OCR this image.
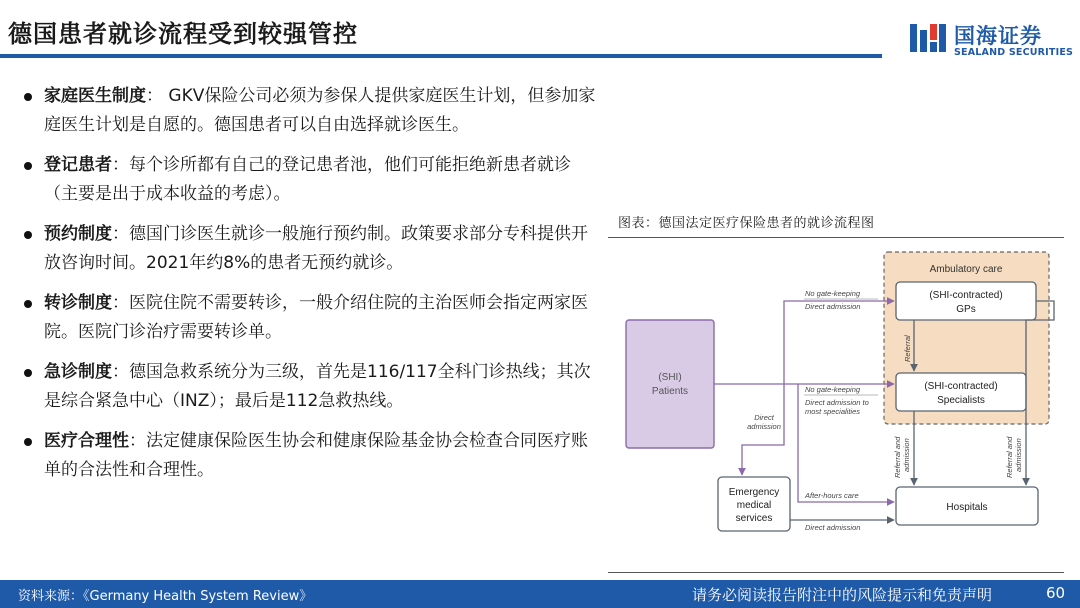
德国患者就诊流程受到较强管控	国海证券
SEALAND SECURITIES
家庭医生制度： GKV保险公司必须为参保人提供家庭医生计划，但参加家庭医生计划是自愿的。德国患者可以自由选择就诊医生。
登记患者：每个诊所都有自己的登记患者池，他们可能拒绝新患者就诊（主要是出于成本收益的考虑）。
预约制度：德国门诊医生就诊一般施行预约制。政策要求部分专科提供开放咨询时间。2021年约8%的患者无预约就诊。
转诊制度：医院住院不需要转诊，一般介绍住院的主治医师会指定两家医院。医院门诊治疗需要转诊单。
急诊制度：德国急救系统分为三级，首先是116/117全科门诊热线；其次是综合紧急中心（INZ）；最后是112急救热线。
医疗合理性：法定健康保险医生协会和健康保险基金协会检查合同医疗账单的合法性和合理性。
图表：德国法定医疗保险患者的就诊流程图
Ambulatory care
(SHI-contracted)
GPs
(SHI-contracted)
Specialists
(SHI)
Patients
Emergency
medical
services
Hospitals
No gate-keeping
Direct admission
No gate-keeping
Direct admission to
most specialities
Direct
admission
After-hours care
Direct admission
Referral
Referral and admission	Referral and admission
资料来源：《Germany Health System Review》	请务必阅读报告附注中的风险提示和免责声明	60
